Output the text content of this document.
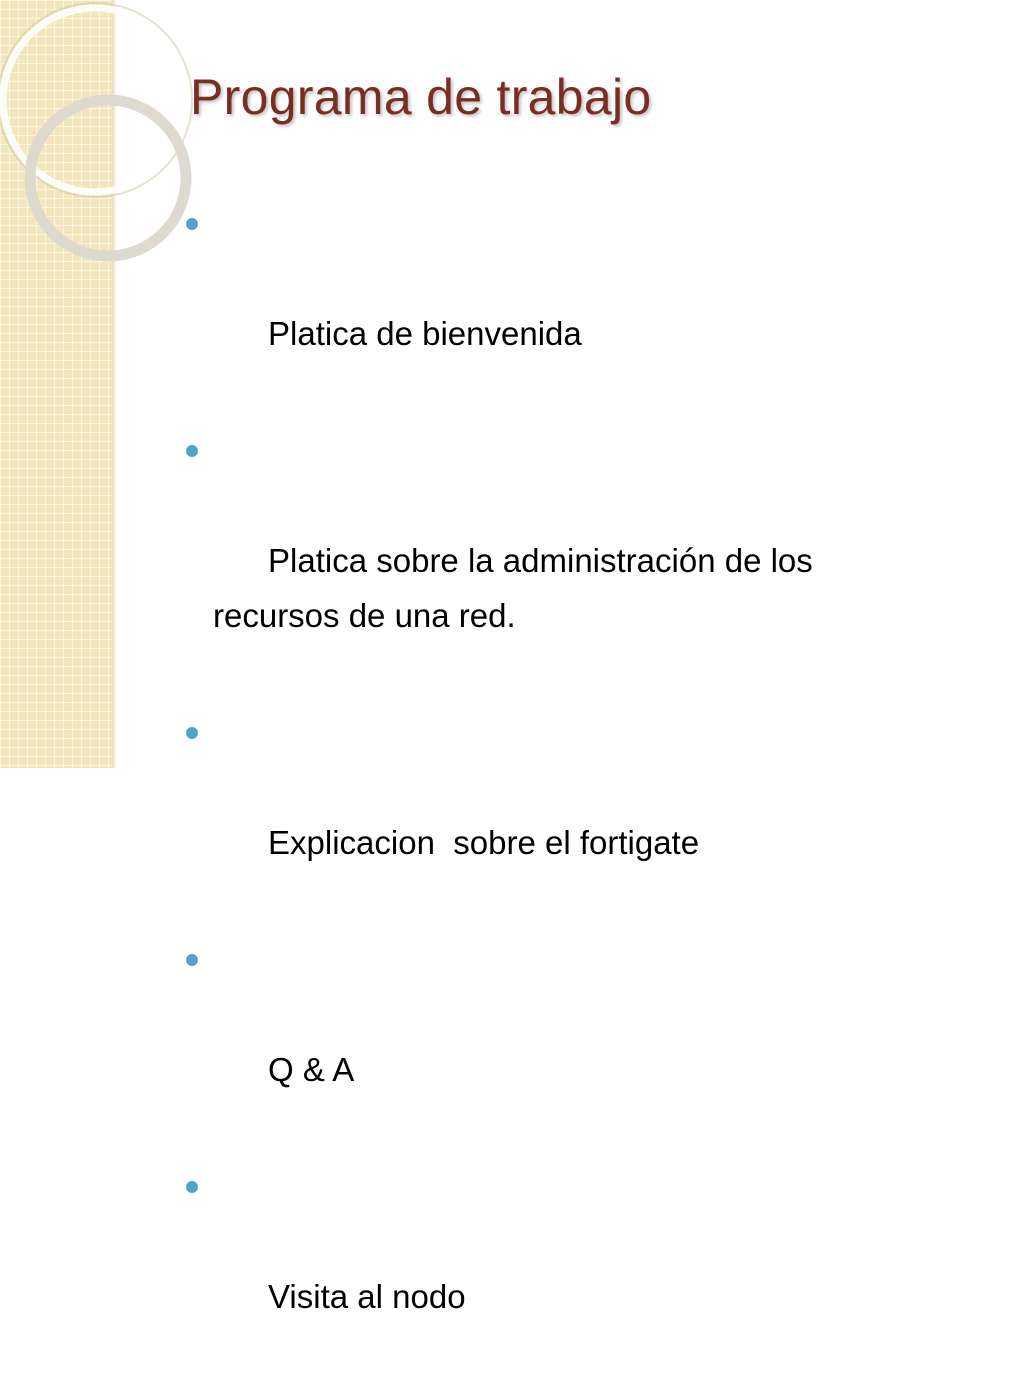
Programa de trabajo

Platica de bienvenida

Platica sobre la administración de los recursos de una red.

Explicacion  sobre el fortigate

Q & A

Visita al nodo
